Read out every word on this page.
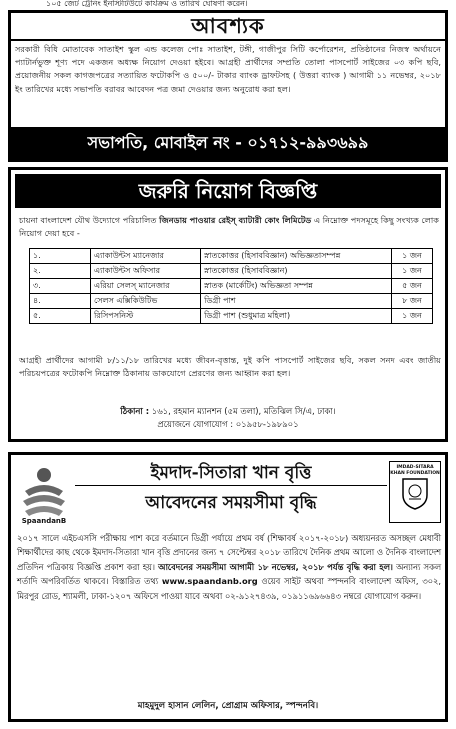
১০৫ জেট ট্রেনিং ইনস্টিটিউটে কার্যক্রম ও তারিখ ঘোষণা করেন।
আবশ্যক
সরকারী বিধি মোতাবেক সাতাইশ স্কুল এন্ড কলেজ পোঃ সাতাইশ, টঙ্গী, গাজীপুর সিটি কর্পোরেশন, প্রতিষ্ঠানের নিজস্ব অর্থায়নে প্যাটার্নভুক্ত শূণ্য পদে একজন অধ্যক্ষ নিয়োগ দেওয়া হইবে। আগ্রহী প্রার্থীদের সম্প্রতি তোলা পাসপোর্ট সাইজের ০৩ কপি ছবি, প্রয়োজনীয় সকল কাগজপত্রের সত্যায়িত ফটোকপি ও ৫০০/- টাকার ব্যাংক ড্রাফটসহ ( উত্তরা ব্যাংক ) আগামী ১১ নভেম্বর, ২০১৮ ইং তারিখের মধ্যে সভাপতি বরাবর আবেদন পত্র জমা দেওয়ার জন্য অনুরোধ করা হল।
সভাপতি, মোবাইল নং - ০১৭১২-৯৯৩৬৯৯
জরুরি নিয়োগ বিজ্ঞপ্তি
চায়না বাংলাদেশ যৌথ উদ্যোগে পরিচালিত জিনডায় পাওয়ার রেইস্ ব্যাটারী কোং লিমিটেড এ নিম্নোক্ত পদসমূহে কিছু সংখ্যক লোক নিয়োগ দেয়া হবে -
১.	এ্যাকাউন্টস ম্যানেজার	স্নাতকোত্তর (হিসাববিজ্ঞান) অভিজ্ঞতাসম্পন্ন	১ জন
২.	এ্যাকাউন্টস অফিসার	স্নাতকোত্তর (হিসাববিজ্ঞান)	১ জন
৩.	এরিয়া সেলস্ ম্যানেজার	স্নাতক (মার্কেটিং) অভিজ্ঞতা সম্পন্ন	৫ জন
৪.	সেলস এক্সিকিউটিভ	ডিগ্রী পাশ	৮ জন
৫.	রিসিপসনিস্ট	ডিগ্রী পাশ (শুধুমাত্র মহিলা)	১ জন
আগ্রহী প্রার্থীদের আগামী ৮/১১/১৮ তারিখের মধ্যে জীবন-বৃত্তান্ত, দুই কপি পাসপোর্ট সাইজের ছবি, সকল সনদ এবং জাতীয় পরিচয়পত্রের ফটোকপি নিম্নোক্ত ঠিকানায় ডাকযোগে প্রেরণের জন্য আহ্বান করা হল।
ঠিকানা : ১৬১, রহমান ম্যানশন (৫ম তলা), মতিঝিল সি/এ, ঢাকা।
প্রয়োজনে যোগাযোগ : ০১৯৫৮-১৯৮৯০১
SpaandanB
IMDAD-SITARA KHAN FOUNDATION
ইমদাদ-সিতারা খান বৃত্তি
আবেদনের সময়সীমা বৃদ্ধি
২০১৭ সালে এইচএসসি পরীক্ষায় পাশ করে বর্তমানে ডিগ্রী পর্যায়ে প্রথম বর্ষ (শিক্ষাবর্ষ ২০১৭-২০১৮) অধ্যয়নরত অসচ্ছল মেধাবী শিক্ষার্থীদের কাছ থেকে ইমদাদ-সিতারা খান বৃত্তি প্রদানের জন্য ৭ সেপ্টেম্বর ২০১৮ তারিখে দৈনিক প্রথম আলো ও দৈনিক বাংলাদেশ প্রতিদিন পত্রিকায় বিজ্ঞপ্তি প্রকাশ করা হয়। আবেদনের সময়সীমা আগামী ১৮ নভেম্বর, ২০১৮ পর্যন্ত বৃদ্ধি করা হল। অন্যান্য সকল শর্তাদি অপরিবর্তিত থাকবে। বিস্তারিত তথ্য www.spaandanb.org ওয়েব সাইট অথবা স্পন্দনবি বাংলাদেশ অফিস, ৩০২, মিরপুর রোড, শ্যামলী, ঢাকা-১২০৭ অফিসে পাওয়া যাবে অথবা ০২-৯১২৭৪৩৯, ০১৯১১৬৯৬৬৪৩ নম্বরে যোগাযোগ করুন।
মাহমুদুল হাসান লেলিন, প্রোগ্রাম অফিসার, স্পন্দনবি।
